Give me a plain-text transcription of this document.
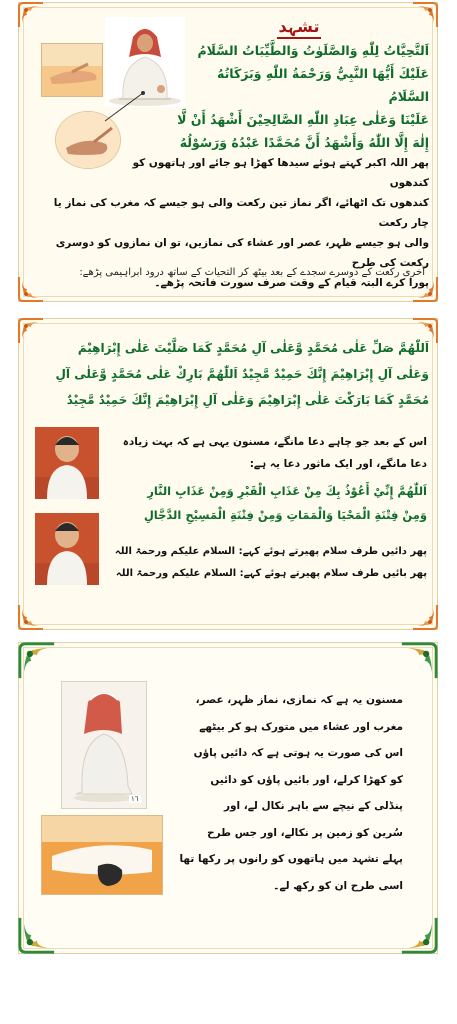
تشہد
اَلتَّحِيَّاتُ لِلّٰهِ وَالصَّلَوٰتُ وَالطَّيِّبَاتُ السَّلَامُ
عَلَيْكَ أَيُّهَا النَّبِيُّ وَرَحْمَةُ اللّٰهِ وَبَرَكَاتُهُ السَّلَامُ
عَلَيْنَا وَعَلٰى عِبَادِ اللّٰهِ الصَّالِحِيْنَ أَشْهَدُ أَنْ لَّا
إِلٰهَ إِلَّا اللّٰهُ وَأَشْهَدُ أَنَّ مُحَمَّدًا عَبْدُهُ وَرَسُوْلُهُ
پھر اللہ اکبر کہتے ہوئے سیدھا کھڑا ہو جائے اور ہاتھوں کو کندھوں
کندھوں تک اٹھائے، اگر نماز تین رکعت والی ہو جیسے کہ مغرب کی نماز یا چار رکعت
والی ہو جیسے ظہر، عصر اور عشاء کی نمازیں، تو ان نمازوں کو دوسری رکعت کی طرح
پورا کرے البتہ قیام کے وقت صرف سورت فاتحہ پڑھے۔
آخری رکعت کے دوسرے سجدے کے بعد بیٹھ کر التحیات کے ساتھ درود ابراہیمی پڑھے:
اَللّٰهُمَّ صَلِّ عَلٰى مُحَمَّدٍ وَّعَلٰى آلِ مُحَمَّدٍ كَمَا صَلَّيْتَ عَلٰى إِبْرَاهِيْمَ
وَعَلٰى آلِ إِبْرَاهِيْمَ إِنَّكَ حَمِيْدٌ مَّجِيْدٌ اَللّٰهُمَّ بَارِكْ عَلٰى مُحَمَّدٍ وَّعَلٰى آلِ
مُحَمَّدٍ كَمَا بَارَكْتَ عَلٰى إِبْرَاهِيْمَ وَعَلٰى آلِ إِبْرَاهِيْمَ إِنَّكَ حَمِيْدٌ مَّجِيْدٌ
اس کے بعد جو چاہے دعا مانگے، مسنون یہی ہے کہ بہت زیادہ
دعا مانگے، اور ایک ماثور دعا یہ ہے:
اَللّٰهُمَّ إِنِّيْ أَعُوْذُ بِكَ مِنْ عَذَابِ الْقَبْرِ وَمِنْ عَذَابِ النَّارِ
وَمِنْ فِتْنَةِ الْمَحْيَا وَالْمَمَاتِ وَمِنْ فِتْنَةِ الْمَسِيْحِ الدَّجَّالِ
پھر دائیں طرف سلام پھیرتے ہوئے کہے: السلام علیکم ورحمۃ اللہ
پھر بائیں طرف سلام پھیرتے ہوئے کہے: السلام علیکم ورحمۃ اللہ
١٦
مسنون یہ ہے کہ نمازی، نماز ظہر، عصر،
مغرب اور عشاء میں متورک ہو کر بیٹھے
اس کی صورت یہ ہوتی ہے کہ دائیں پاؤں
کو کھڑا کرلے، اور بائیں پاؤں کو دائیں
پنڈلی کے نیچے سے باہر نکال لے، اور
سُرین کو زمین پر نکالے، اور جس طرح
پہلے تشہد میں ہاتھوں کو رانوں پر رکھا تھا
اسی طرح ان کو رکھ لے۔
